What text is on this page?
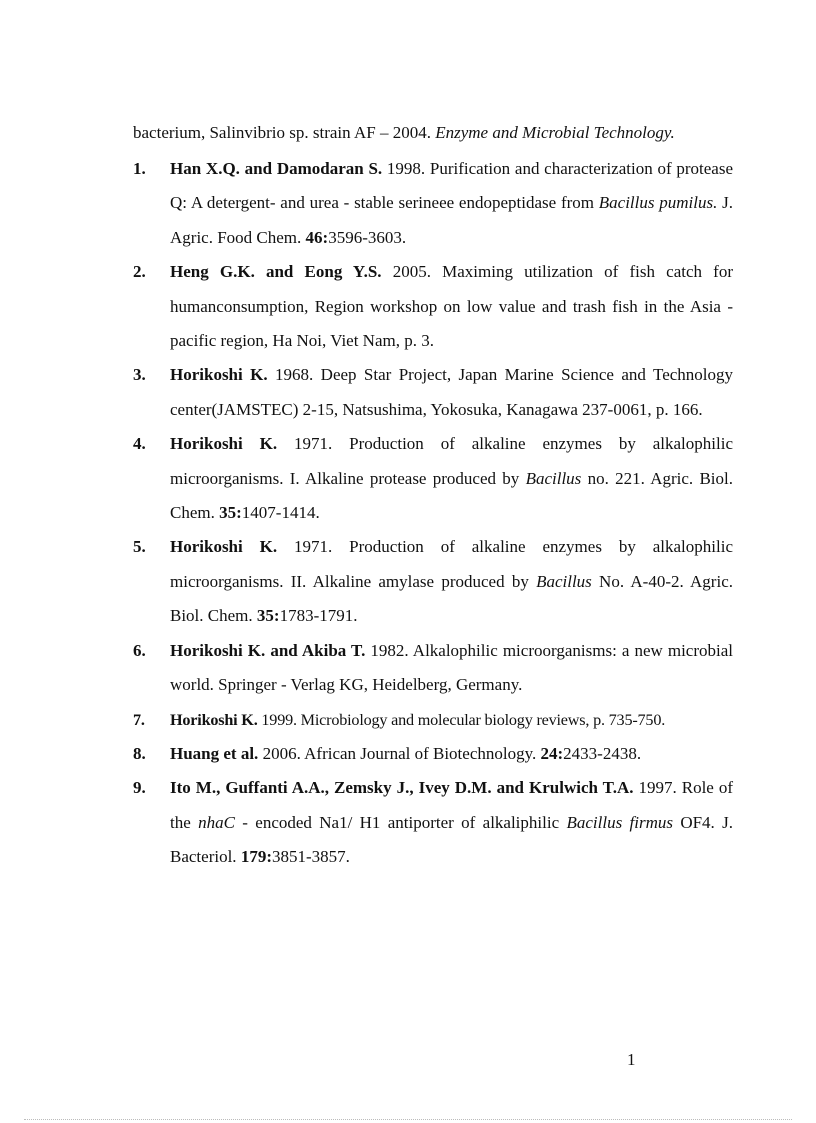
bacterium, Salinvibrio sp. strain AF – 2004. Enzyme and Microbial Technology.
1. Han X.Q. and Damodaran S. 1998. Purification and characterization of protease Q: A detergent- and urea - stable serineee endopeptidase from Bacillus pumilus. J. Agric. Food Chem. 46:3596-3603.
2. Heng G.K. and Eong Y.S. 2005. Maximing utilization of fish catch for humanconsumption, Region workshop on low value and trash fish in the Asia - pacific region, Ha Noi, Viet Nam, p. 3.
3. Horikoshi K. 1968. Deep Star Project, Japan Marine Science and Technology center(JAMSTEC) 2-15, Natsushima, Yokosuka, Kanagawa 237-0061, p. 166.
4. Horikoshi K. 1971. Production of alkaline enzymes by alkalophilic microorganisms. I. Alkaline protease produced by Bacillus no. 221. Agric. Biol. Chem. 35:1407-1414.
5. Horikoshi K. 1971. Production of alkaline enzymes by alkalophilic microorganisms. II. Alkaline amylase produced by Bacillus No. A-40-2. Agric. Biol. Chem. 35:1783-1791.
6. Horikoshi K. and Akiba T. 1982. Alkalophilic microorganisms: a new microbial world. Springer - Verlag KG, Heidelberg, Germany.
7. Horikoshi K. 1999. Microbiology and molecular biology reviews, p. 735-750.
8. Huang et al. 2006. African Journal of Biotechnology. 24:2433-2438.
9. Ito M., Guffanti A.A., Zemsky J., Ivey D.M. and Krulwich T.A. 1997. Role of the nhaC - encoded Na1/ H1 antiporter of alkaliphilic Bacillus firmus OF4. J. Bacteriol. 179:3851-3857.
1
